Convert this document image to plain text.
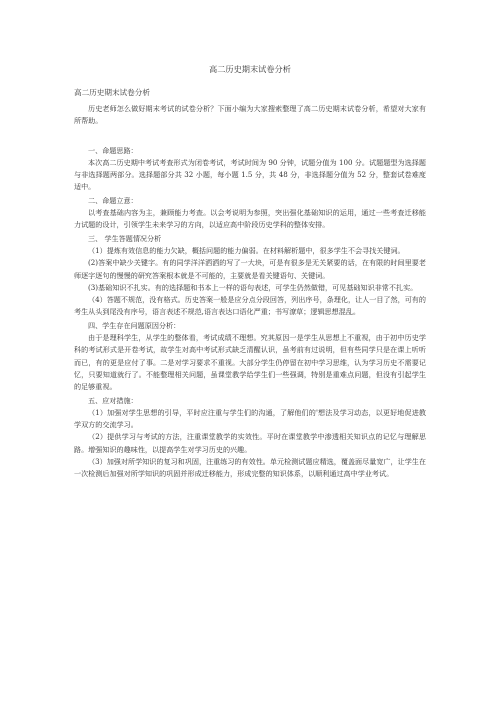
高二历史期末试卷分析
高二历史期末试卷分析

历史老师怎么做好期末考试的试卷分析？下面小编为大家搜索整理了高二历史期末试卷分析，希望对大家有所帮助。

一、命题思路：

本次高二历史期中考试考查形式为闭卷考试，考试时间为 90 分钟，试题分值为 100 分。试题题型为选择题与非选择题两部分。选择题部分共 32 小题，每小题 1.5 分，共 48 分，非选择题分值为 52 分，整套试卷难度适中。

二、命题立意：

以考查基础内容为主，兼顾能力考查。以会考说明为参照，突出强化基础知识的运用，通过一些考查迁移能力试题的设计，引领学生未来学习的方向，以适应高中阶段历史学科的整体安排。

三、 学生答题情况分析

（1）提炼有效信息的能力欠缺，概括问题的能力偏弱。在材料解析题中，很多学生不会寻找关键词。

(2)答案中缺少关键字。有的同学洋洋洒洒的写了一大块，可是有很多是无关紧要的话，在有限的时间里要老师逐字逐句的慢慢的研究答案根本就是不可能的，主要就是看关键语句、关键词。

(3)基础知识不扎实。有的选择题和书本上一样的语句表述，可学生仍然做错，可见基础知识非常不扎实。

（4）答题不规范，没有格式。历史答案一般是应分点分段回答，列出序号，条理化，让人一目了然，可有的考生从头到尾没有序号，语言表述不规范,语言表达口语化严重；书写潦草；逻辑思想混乱。

四、学生存在问题原因分析：

由于是理科学生，从学生的整体看，考试成绩不理想。究其原因一是学生从思想上不重视，由于初中历史学科的考试形式是开卷考试，故学生对高中考试形式缺乏清醒认识，虽考前有过说明，但有些同学只是在课上听听而已，有的更是应付了事。二是对学习要求不重视。大部分学生仍停留在初中学习思维，认为学习历史不需要记忆，只要知道就行了。不能整理相关问题，虽课堂教学给学生们一些强调，特别是重难点问题，但没有引起学生的足够重视。

五、应对措施：

（1）加强对学生思想的引导，平时应注重与学生们的沟通，了解他们的'想法及学习动态，以更好地促进教学双方的交流学习。

（2）提供学习与考试的方法，注重课堂教学的实效性。平时在课堂教学中渗透相关知识点的记忆与理解思路。增强知识的趣味性，以提高学生对学习历史的兴趣。

（3）加强对所学知识的复习和巩固，注重练习的有效性。单元检测试题应精选，覆盖面尽量宽广，让学生在一次检测后加强对所学知识的巩固并形成迁移能力，形成完整的知识体系，以顺利通过高中学业考试。
